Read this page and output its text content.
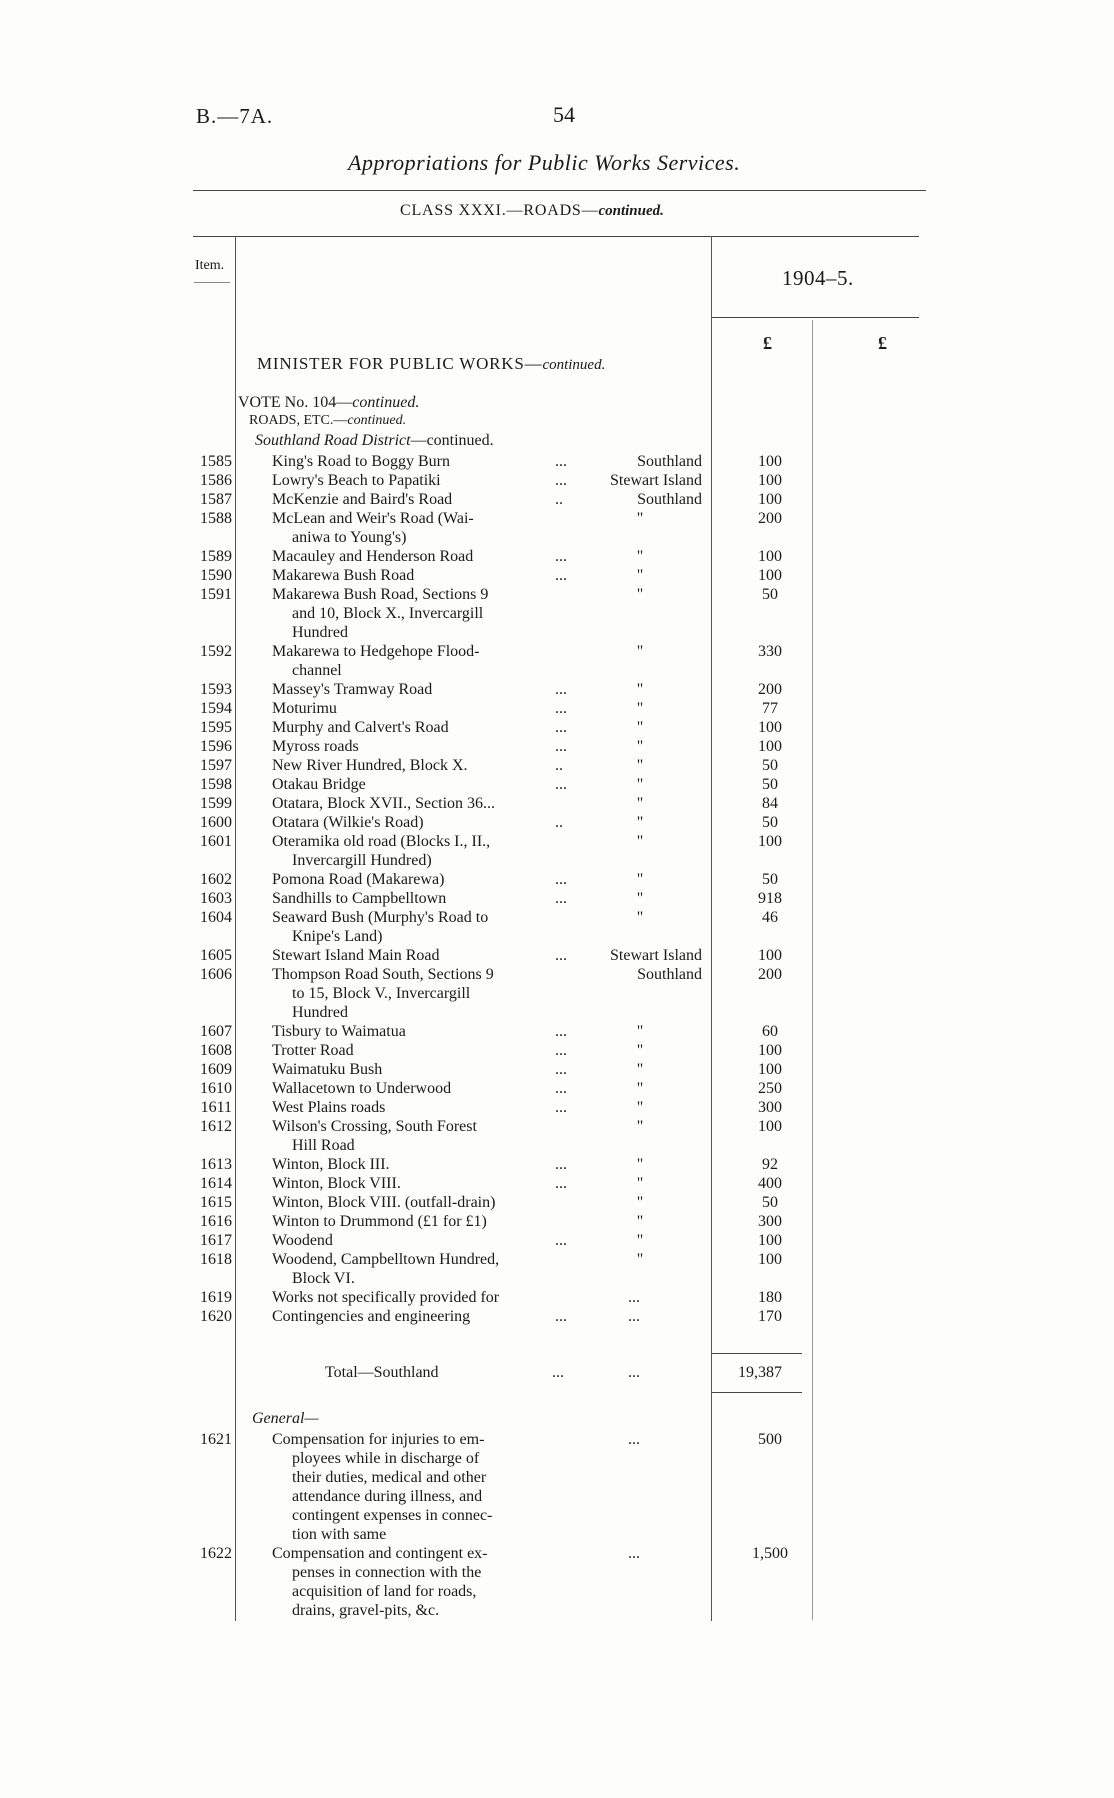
B.—7A.	54
Appropriations for Public Works Services.
CLASS XXXI.—ROADS—continued.
Item.
1904–5.
£	£
MINISTER FOR PUBLIC WORKS—continued.
VOTE No. 104—continued.
ROADS, ETC.—continued.
Southland Road District—continued.
1585	King's Road to Boggy Burn	...	Southland	100
1586	Lowry's Beach to Papatiki	...	Stewart Island	100
1587	McKenzie and Baird's Road	..	Southland	100
1588	McLean and Weir's Road (Wai-
aniwa to Young's)
"	200
1589	Macauley and Henderson Road	...	"	100
1590	Makarewa Bush Road	...	"	100
1591	Makarewa Bush Road, Sections 9
and 10, Block X., Invercargill
Hundred
"	50
1592	Makarewa to Hedgehope Flood-
channel
"	330
1593	Massey's Tramway Road	...	"	200
1594	Moturimu	...	"	77
1595	Murphy and Calvert's Road	...	"	100
1596	Myross roads	...	"	100
1597	New River Hundred, Block X.	..	"	50
1598	Otakau Bridge	...	"	50
1599	Otatara, Block XVII., Section 36...	"	84
1600	Otatara (Wilkie's Road)	..	"	50
1601	Oteramika old road (Blocks I., II.,
Invercargill Hundred)
"	100
1602	Pomona Road (Makarewa)	...	"	50
1603	Sandhills to Campbelltown	...	"	918
1604	Seaward Bush (Murphy's Road to
Knipe's Land)
"	46
1605	Stewart Island Main Road	...	Stewart Island	100
1606	Thompson Road South, Sections 9
to 15, Block V., Invercargill
Hundred
Southland	200
1607	Tisbury to Waimatua	...	"	60
1608	Trotter Road	...	"	100
1609	Waimatuku Bush	...	"	100
1610	Wallacetown to Underwood	...	"	250
1611	West Plains roads	...	"	300
1612	Wilson's Crossing, South Forest
Hill Road
"	100
1613	Winton, Block III.	...	"	92
1614	Winton, Block VIII.	...	"	400
1615	Winton, Block VIII. (outfall-drain)	"	50
1616	Winton to Drummond (£1 for £1)	"	300
1617	Woodend	...	"	100
1618	Woodend, Campbelltown Hundred,
Block VI.
"	100
1619	Works not specifically provided for	...	180
1620	Contingencies and engineering	...	...	170
Total—Southland	...	...	19,387
General—
1621	Compensation for injuries to em-
ployees while in discharge of
their duties, medical and other
attendance during illness, and
contingent expenses in connec-
tion with same
...	500
1622	Compensation and contingent ex-
penses in connection with the
acquisition of land for roads,
drains, gravel-pits, &c.
...	1,500
